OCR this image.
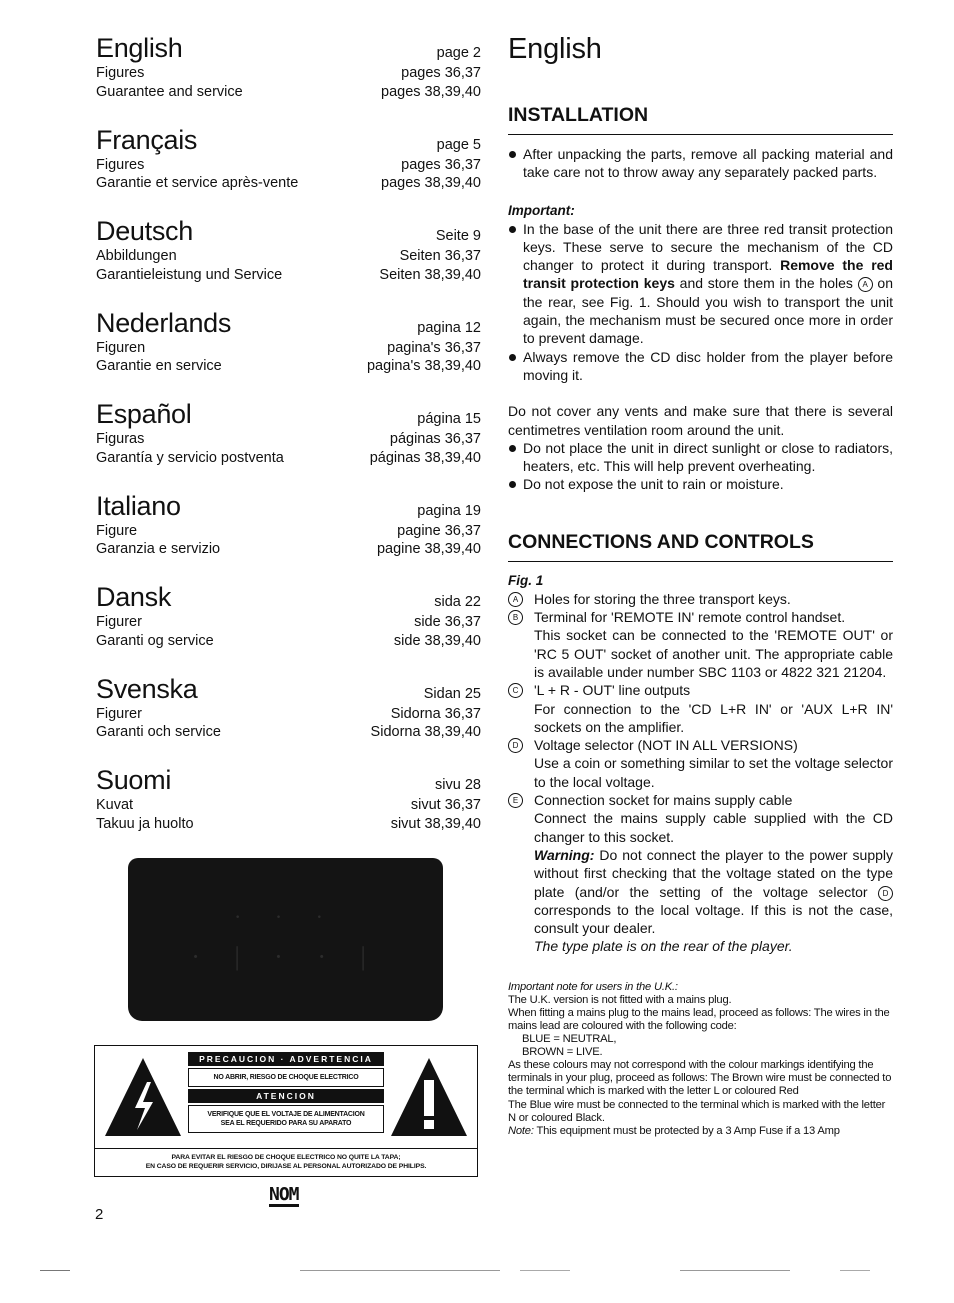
English	page 2
Figures	pages 36,37
Guarantee and service	pages 38,39,40
Français	page 5
Figures	pages 36,37
Garantie et service après-vente	pages 38,39,40
Deutsch	Seite 9
Abbildungen	Seiten 36,37
Garantieleistung und Service	Seiten 38,39,40
Nederlands	pagina 12
Figuren	pagina's 36,37
Garantie en service	pagina's 38,39,40
Español	página 15
Figuras	páginas 36,37
Garantía y servicio postventa	páginas 38,39,40
Italiano	pagina 19
Figure	pagine 36,37
Garanzia e servizio	pagine 38,39,40
Dansk	sida 22
Figurer	side 36,37
Garanti og service	side 38,39,40
Svenska	Sidan 25
Figurer	Sidorna 36,37
Garanti och service	Sidorna 38,39,40
Suomi	sivu 28
Kuvat	sivut 36,37
Takuu ja huolto	sivut 38,39,40
· · ·
· | · · |
PRECAUCION · ADVERTENCIA
NO ABRIR, RIESGO DE CHOQUE ELECTRICO
ATENCION
VERIFIQUE QUE EL VOLTAJE DE ALIMENTACION
SEA EL REQUERIDO PARA SU APARATO
PARA EVITAR EL RIESGO DE CHOQUE ELECTRICO NO QUITE LA TAPA;
EN CASO DE REQUERIR SERVICIO, DIRIJASE AL PERSONAL AUTORIZADO DE PHILIPS.
NOM
2
English
INSTALLATION

After unpacking the parts, remove all packing material and take care not to throw away any separately packed parts.

Important:

In the base of the unit there are three red transit protection keys. These serve to secure the mechanism of the CD changer to protect it during transport. Remove the red transit protection keys and store them in the holes A on the rear, see Fig. 1. Should you wish to transport the unit again, the mechanism must be secured once more in order to prevent damage.

Always remove the CD disc holder from the player before moving it.

Do not cover any vents and make sure that there is several centimetres ventilation room around the unit.

Do not place the unit in direct sunlight or close to radiators, heaters, etc. This will help prevent overheating.

Do not expose the unit to rain or moisture.

CONNECTIONS AND CONTROLS
Fig. 1
A	Holes for storing the three transport keys.
B	Terminal for 'REMOTE IN' remote control handset.
This socket can be connected to the 'REMOTE OUT' or 'RC 5 OUT' socket of another unit. The appropriate cable is available under number SBC 1103 or 4822 321 21204.
C	'L + R - OUT' line outputs
For connection to the 'CD L+R IN' or 'AUX L+R IN' sockets on the amplifier.
D	Voltage selector (NOT IN ALL VERSIONS)
Use a coin or something similar to set the voltage selector to the local voltage.
E	Connection socket for mains supply cable
Connect the mains supply cable supplied with the CD changer to this socket.
Warning: Do not connect the player to the power supply without first checking that the voltage stated on the type plate (and/or the setting of the voltage selector D corresponds to the local voltage. If this is not the case, consult your dealer.
The type plate is on the rear of the player.
Important note for users in the U.K.:
The U.K. version is not fitted with a mains plug.
When fitting a mains plug to the mains lead, proceed as follows: The wires in the mains lead are coloured with the following code:
BLUE = NEUTRAL,
BROWN = LIVE.
As these colours may not correspond with the colour markings identifying the terminals in your plug, proceed as follows: The Brown wire must be connected to the terminal which is marked with the letter L or coloured Red
The Blue wire must be connected to the terminal which is marked with the letter N or coloured Black.
Note: This equipment must be protected by a 3 Amp Fuse if a 13 Amp
